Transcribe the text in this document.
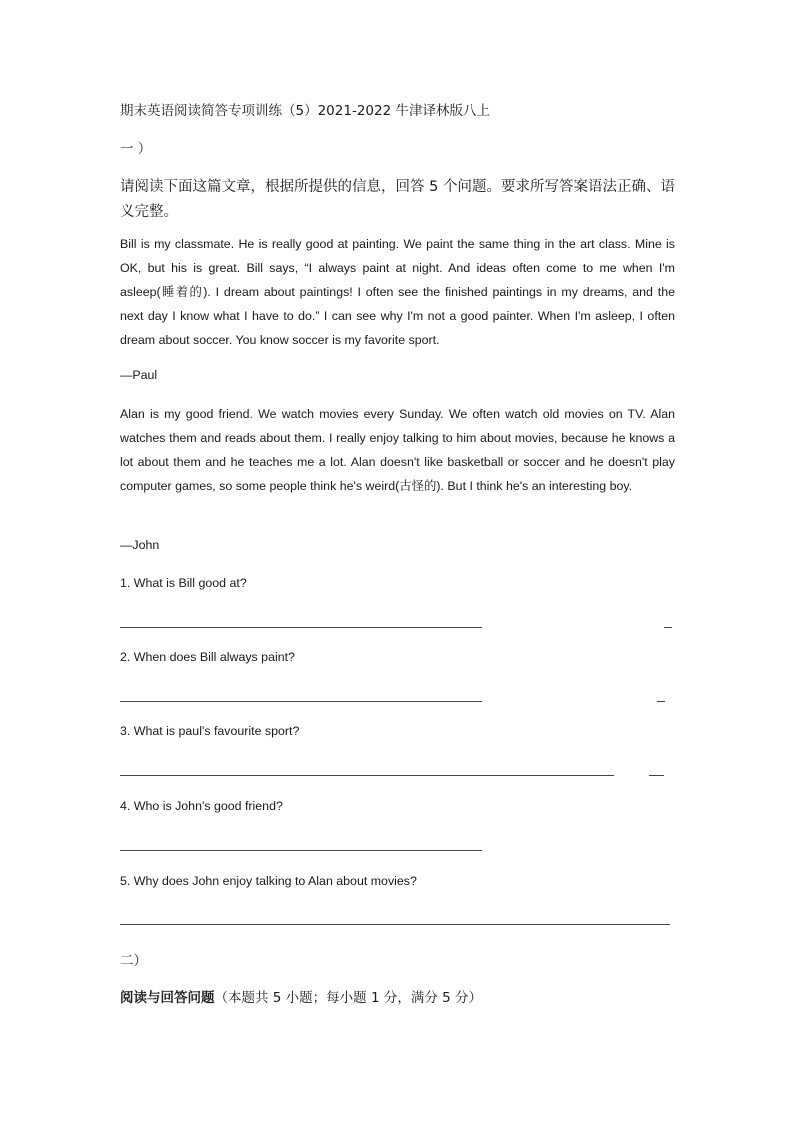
期末英语阅读简答专项训练（5）2021-2022 牛津译林版八上
一 ）
请阅读下面这篇文章，根据所提供的信息，回答 5 个问题。要求所写答案语法正确、语义完整。
Bill is my classmate. He is really good at painting. We paint the same thing in the art class. Mine is OK, but his is great. Bill says, “I always paint at night. And ideas often come to me when I'm asleep(睡着的). I dream about paintings! I often see the finished paintings in my dreams, and the next day I know what I have to do.” I can see why I'm not a good painter. When I'm asleep, I often dream about soccer. You know soccer is my favorite sport.
—Paul
Alan is my good friend. We watch movies every Sunday. We often watch old movies on TV. Alan watches them and reads about them. I really enjoy talking to him about movies, because he knows a lot about them and he teaches me a lot. Alan doesn't like basketball or soccer and he doesn't play computer games, so some people think he's weird(古怪的). But I think he's an interesting boy.
—John
1. What is Bill good at?
2. When does Bill always paint?
3. What is paul's favourite sport?
4. Who is John's good friend?
5. Why does John enjoy talking to Alan about movies?
二）
阅读与回答问题（本题共 5 小题；每小题 1 分，满分 5 分）
